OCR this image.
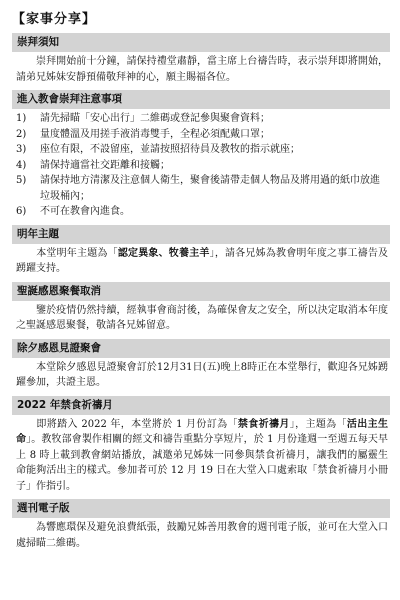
【家事分享】
崇拜須知

崇拜開始前十分鐘，請保持禮堂肅靜，當主席上台禱告時，表示崇拜即將開始，請弟兄姊妹安靜預備敬拜神的心，願主賜福各位。

進入教會崇拜注意事項
1)	請先掃瞄「安心出行」二維碼或登記參與聚會資料；
2)	量度體溫及用搓手液消毒雙手，全程必須配戴口罩；
3)	座位有限，不設留座，並請按照招待員及教牧的指示就座；
4)	請保持適當社交距離和接觸；
5)	請保持地方清潔及注意個人衛生，聚會後請帶走個人物品及將用過的紙巾放進垃圾桶內；
6)	不可在教會內進食。
明年主題

本堂明年主題為「認定異象、牧養主羊」，請各兄姊為教會明年度之事工禱告及踴躍支持。

聖誕感恩聚餐取消

鑒於疫情仍然持續，經執事會商討後，為確保會友之安全，所以決定取消本年度之聖誕感恩聚餐，敬請各兄姊留意。

除夕感恩見證聚會

本堂除夕感恩見證聚會訂於12月31日(五)晚上8時正在本堂舉行，歡迎各兄姊踴躍參加，共證主恩。

2022 年禁食祈禱月

即將踏入 2022 年，本堂將於 1 月份訂為「禁食祈禱月」，主題為「活出主生命」。教牧部會製作相關的經文和禱告重點分享短片，於 1 月份逢週一至週五每天早上 8 時上載到教會網站播放，誠邀弟兄姊妹一同參與禁食祈禱月，讓我們的屬靈生命能夠活出主的樣式。參加者可於 12 月 19 日在大堂入口處索取「禁食祈禱月小冊子」作指引。

週刊電子版

為響應環保及避免浪費紙張，鼓勵兄姊善用教會的週刊電子版，並可在大堂入口處掃瞄二維碼。
